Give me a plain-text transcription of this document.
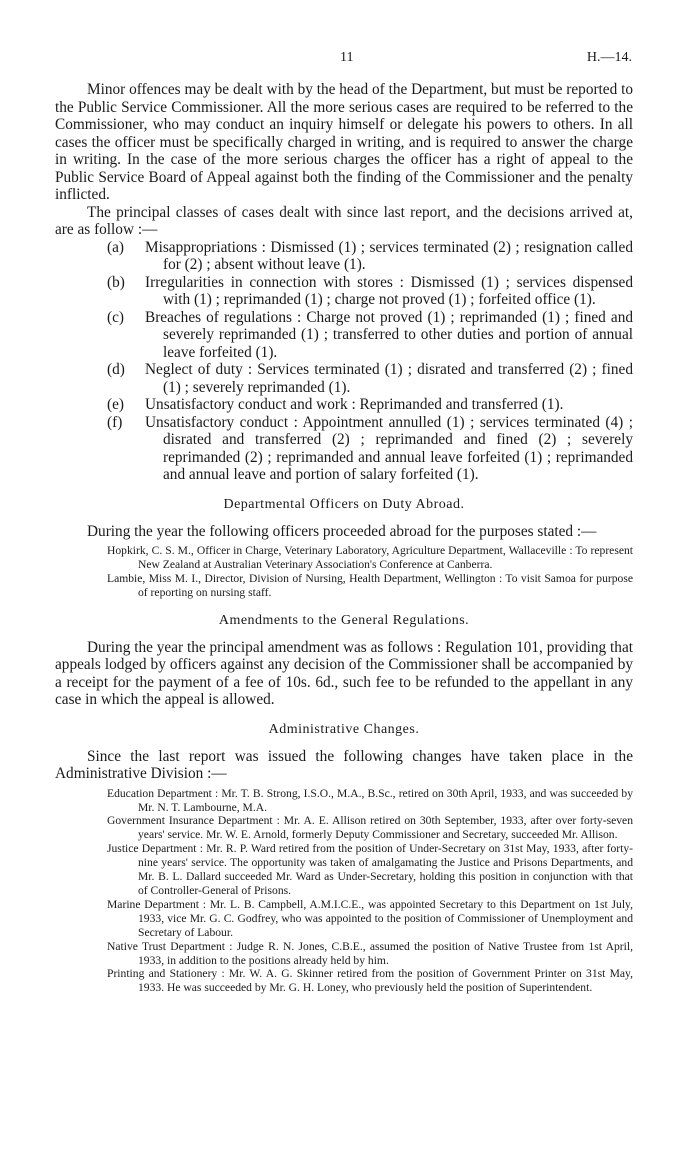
11	H.—14.

Minor offences may be dealt with by the head of the Department, but must be reported to the Public Service Commissioner. All the more serious cases are required to be referred to the Commissioner, who may conduct an inquiry himself or delegate his powers to others. In all cases the officer must be specifically charged in writing, and is required to answer the charge in writing. In the case of the more serious charges the officer has a right of appeal to the Public Service Board of Appeal against both the finding of the Commissioner and the penalty inflicted.

The principal classes of cases dealt with since last report, and the decisions arrived at, are as follow :—

(a) Misappropriations : Dismissed (1) ; services terminated (2) ; resignation called for (2) ; absent without leave (1).
(b) Irregularities in connection with stores : Dismissed (1) ; services dispensed with (1) ; reprimanded (1) ; charge not proved (1) ; forfeited office (1).
(c) Breaches of regulations : Charge not proved (1) ; reprimanded (1) ; fined and severely reprimanded (1) ; transferred to other duties and portion of annual leave forfeited (1).
(d) Neglect of duty : Services terminated (1) ; disrated and transferred (2) ; fined (1) ; severely reprimanded (1).
(e) Unsatisfactory conduct and work : Reprimanded and transferred (1).
(f) Unsatisfactory conduct : Appointment annulled (1) ; services terminated (4) ; disrated and transferred (2) ; reprimanded and fined (2) ; severely reprimanded (2) ; reprimanded and annual leave forfeited (1) ; reprimanded and annual leave and portion of salary forfeited (1).

Departmental Officers on Duty Abroad.

During the year the following officers proceeded abroad for the purposes stated :—

Hopkirk, C. S. M., Officer in Charge, Veterinary Laboratory, Agriculture Department, Wallaceville : To represent New Zealand at Australian Veterinary Association's Conference at Canberra.

Lambie, Miss M. I., Director, Division of Nursing, Health Department, Wellington : To visit Samoa for purpose of reporting on nursing staff.

Amendments to the General Regulations.

During the year the principal amendment was as follows : Regulation 101, providing that appeals lodged by officers against any decision of the Commissioner shall be accompanied by a receipt for the payment of a fee of 10s. 6d., such fee to be refunded to the appellant in any case in which the appeal is allowed.

Administrative Changes.

Since the last report was issued the following changes have taken place in the Administrative Division :—

Education Department : Mr. T. B. Strong, I.S.O., M.A., B.Sc., retired on 30th April, 1933, and was succeeded by Mr. N. T. Lambourne, M.A.

Government Insurance Department : Mr. A. E. Allison retired on 30th September, 1933, after over forty-seven years' service. Mr. W. E. Arnold, formerly Deputy Commissioner and Secretary, succeeded Mr. Allison.

Justice Department : Mr. R. P. Ward retired from the position of Under-Secretary on 31st May, 1933, after forty-nine years' service. The opportunity was taken of amalgamating the Justice and Prisons Departments, and Mr. B. L. Dallard succeeded Mr. Ward as Under-Secretary, holding this position in conjunction with that of Controller-General of Prisons.

Marine Department : Mr. L. B. Campbell, A.M.I.C.E., was appointed Secretary to this Department on 1st July, 1933, vice Mr. G. C. Godfrey, who was appointed to the position of Commissioner of Unemployment and Secretary of Labour.

Native Trust Department : Judge R. N. Jones, C.B.E., assumed the position of Native Trustee from 1st April, 1933, in addition to the positions already held by him.

Printing and Stationery : Mr. W. A. G. Skinner retired from the position of Government Printer on 31st May, 1933. He was succeeded by Mr. G. H. Loney, who previously held the position of Superintendent.
